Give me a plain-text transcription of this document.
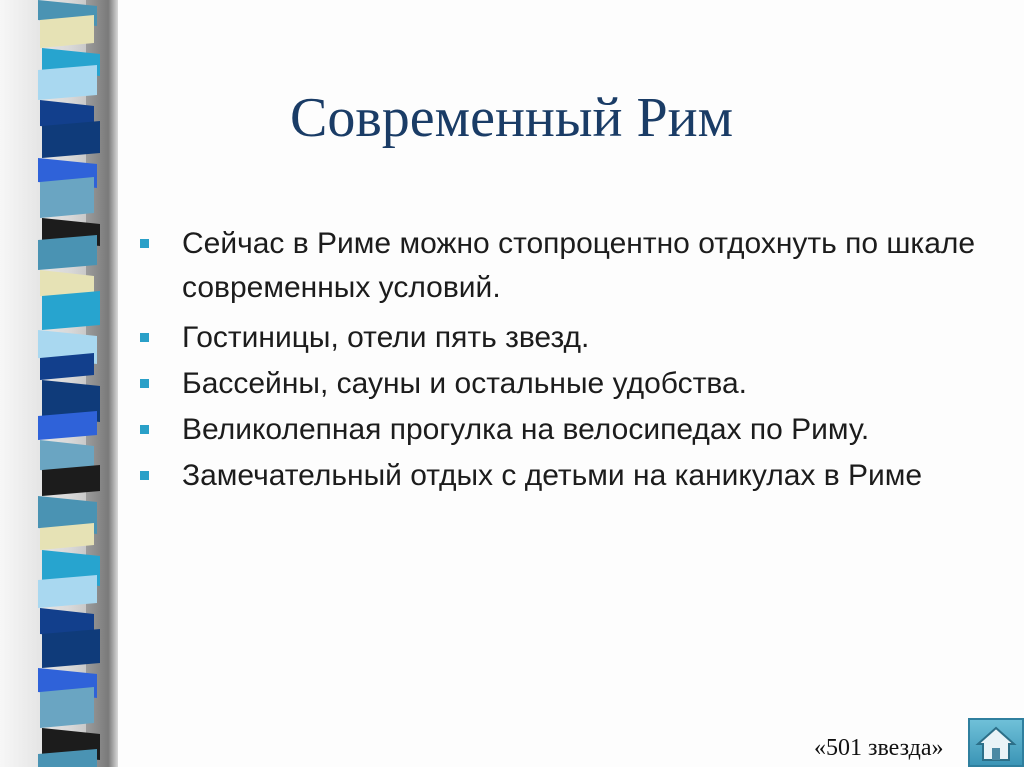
Современный Рим
Сейчас в Риме можно стопроцентно отдохнуть по шкале современных условий.
Гостиницы, отели пять звезд.
Бассейны, сауны и остальные удобства.
Великолепная прогулка на велосипедах по Риму.
Замечательный отдых с детьми на каникулах в Риме
«501 звезда»
